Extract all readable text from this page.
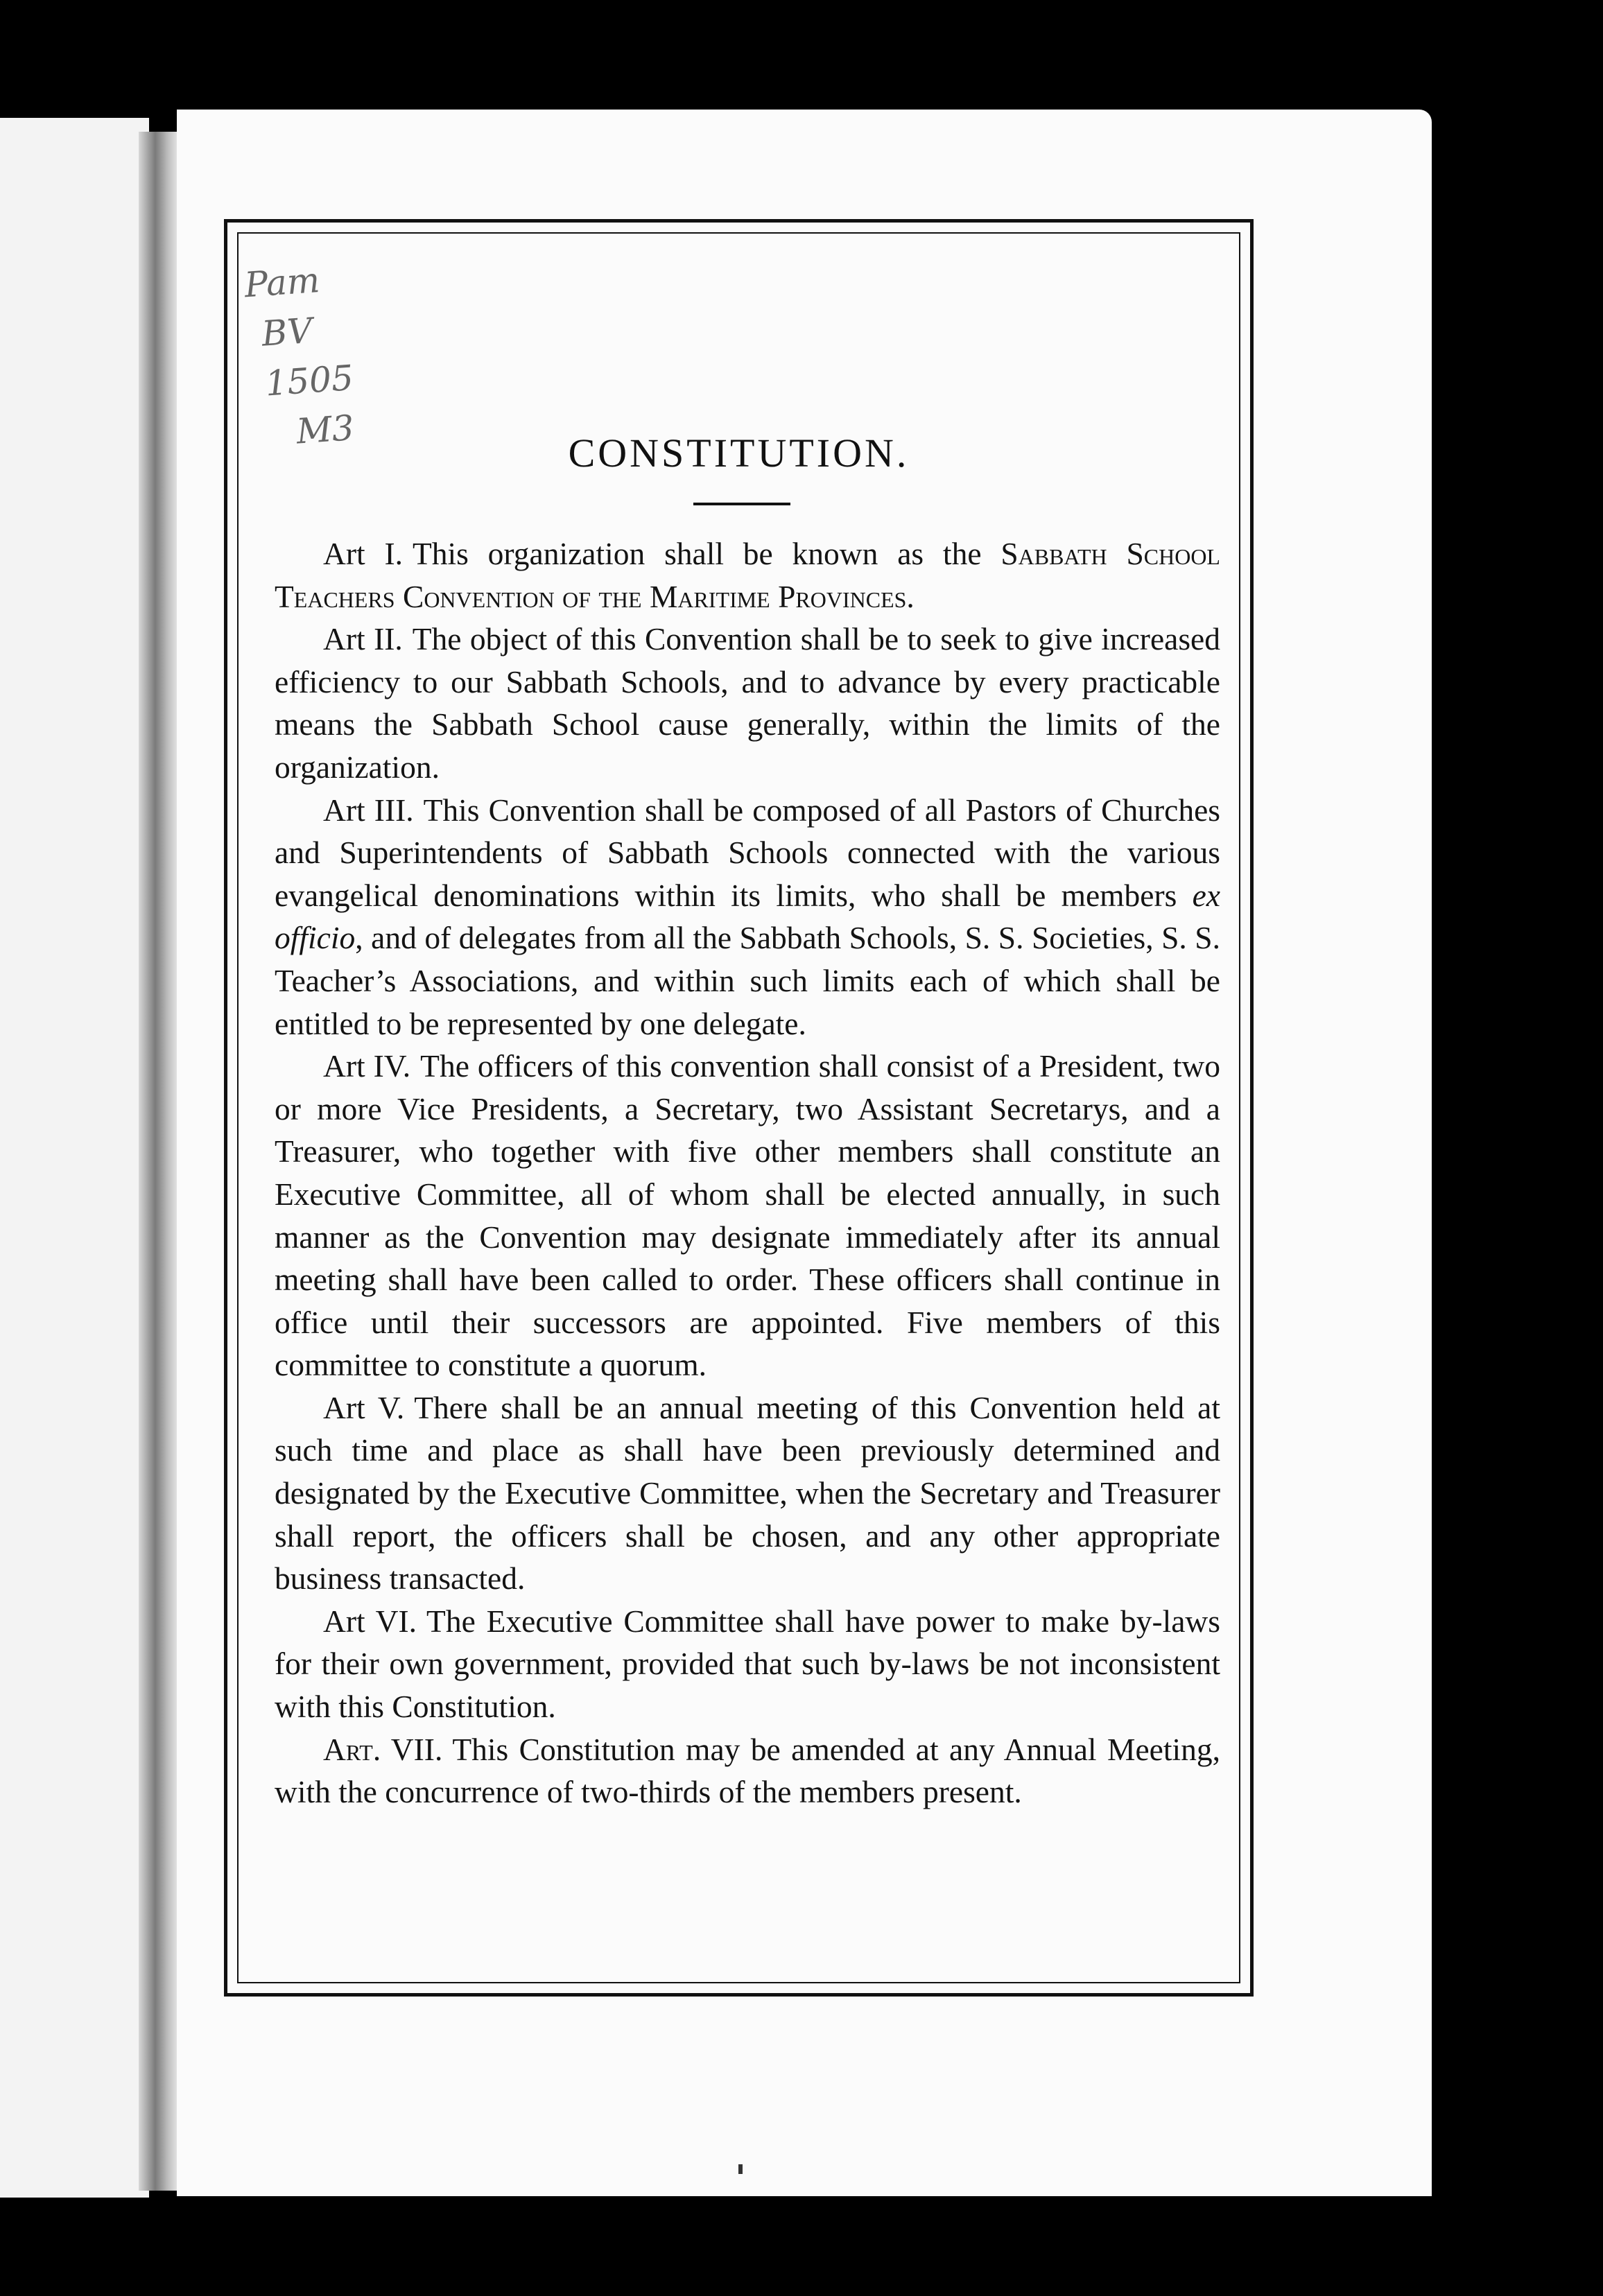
Pam
BV
1505
M3
CONSTITUTION.

Art I. This organization shall be known as the Sabbath School Teachers Convention of the Maritime Provinces.

Art II. The object of this Convention shall be to seek to give increased efficiency to our Sabbath Schools, and to advance by every practicable means the Sabbath School cause generally, within the limits of the organization.

Art III. This Convention shall be composed of all Pastors of Churches and Superintendents of Sabbath Schools connected with the various evangelical denominations within its limits, who shall be members ex officio, and of delegates from all the Sabbath Schools, S. S. Societies, S. S. Teacher’s Associations, and within such limits each of which shall be entitled to be represented by one delegate.

Art IV. The officers of this convention shall consist of a President, two or more Vice Presidents, a Secretary, two Assistant Secretarys, and a Treasurer, who together with five other members shall constitute an Executive Committee, all of whom shall be elected annually, in such manner as the Convention may designate immediately after its annual meeting shall have been called to order. These officers shall continue in office until their successors are appointed. Five members of this committee to constitute a quorum.

Art V. There shall be an annual meeting of this Convention held at such time and place as shall have been previously determined and designated by the Executive Committee, when the Secretary and Treasurer shall report, the officers shall be chosen, and any other appropriate business transacted.

Art VI. The Executive Committee shall have power to make by-laws for their own government, provided that such by-laws be not inconsistent with this Constitution.

Art. VII. This Constitution may be amended at any Annual Meeting, with the concurrence of two-thirds of the members present.
